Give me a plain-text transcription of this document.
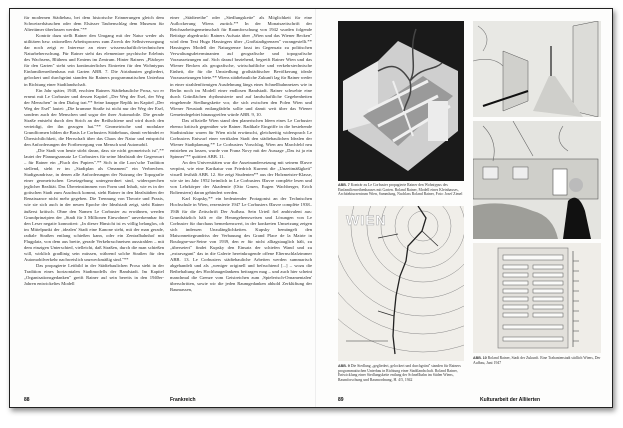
für modernen Städtebau, bei dem historische Erinnerungen gleich dem Schweizerhäuschen oder dem Elsässer Taubenschlag dem Museum für Altertümer überlassen werden."**

Konträr dazu stellt Rainer den Umgang mit der Natur weder als utilitären bzw. rationellen Arbeitsprozess zum Zweck der Selbstversorgung dar noch zeigt er Interesse an einer wissenschaftlich-technischen Naturbeherrschung. Für Rainer steht das elementare psychische Erlebnis des Wachsens, Blühens und Erntens im Zentrum. Hinter Rainers „Plädoyer für den Garten" steht sein kontinuierliches Eintreten für den Wohntypus Einfamilienreihenhaus mit Garten ABB. 7. Die Atriabauten gegliedert, gelockert und durchgrünt standen für Rainers programmatischen Unterbau in Richtung einer Stadtlandschaft.

Ein Jahr später, 1948, erschien Rainers Städtebauliche Prosa, wo er erneut mit Le Corbusier und dessen Kapitel „Der Weg der Esel, der Weg der Menschen" in den Dialog trat.** Seine knappe Replik im Kapitel „Der Weg der Esel" lautet: „Die krumme Straße ist nicht nur der Weg der Esel, sondern auch der Menschen und sogar der ihrer Automobile. Die gerade Straße entsteht durch den Strich an der Reißschiene und wird durch den verteidigt, der ihn gezogen hat."** Geometrische und modulare Grundformen bilden die Basis Le Corbusiers Städtebaus, damit verbindet er Übersichtlichkeit, die Herrschaft über das Chaos der Natur und entspricht den Anforderungen der Fortbewegung von Mensch und Automobil.

„Die Stadt von heute stirbt daran, dass sie nicht geometrisch ist",** lautet der Planungsansatz Le Corbusiers für seine Idealstadt der Gegenwart – für Rainer ein „Fluch des Papiers".** Sich in die Loos'sche Tradition stellend, sieht er im „Stadtplan als Ornament" ein Verbrechen. Stadtgrundrisse, in denen alle Anforderungen der Nutzung der Topografie einer geometrischen Gesetzgebung untergeordnet sind, widersprechen jeglicher Realität. Das Übereinstimmen von Form und Inhalt, wie es in der gotischen Stadt zum Ausdruck kommt, sieht Rainer in den Idealstädten der Renaissance nicht mehr gegeben. Die Trennung von Theorie und Praxis, wie sie sich auch in der neuen Epoche der Idealstadt zeigt, sieht Rainer äußerst kritisch. Ohne den Namen Le Corbusier zu erwähnen, werden Grundprinzipien der „Stadt für 3 Millionen Einwohner" unverkennbar für den Leser negativ konnotiert: „In dieser Hinsicht ist es völlig belanglos, ob im Mittelpunkt der ‚idealen' Stadt eine Kanone steht, mit der man gerade, radiale Straßen entlang schießen kann, oder ein Zentralbahnhof mit Flugplatz, von dem aus breite, gerade Verkehrsschneisen ausstrahlen – mit dem einzigen Unterschied, vielleicht, daß Straßen, durch die man schießen will, wirklich gradlinig sein müssen, während solche Straßen für den Automobilverkehr nachweislich unzweckmäßig sind."**

Das propagierte Leitbild in der Städtebaulichen Prosa steht in der Tradition eines horizontalen Stadtmodells der Bandstadt. Im Kapitel „Organisationsgedanken" greift Rainer auf sein bereits in den 1940er-Jahren entwickeltes Modell

einer „Städtereihe" oder „Siedlungskette" als Möglichkeit für eine Auflockerung Wiens zurück.** In der Monatszeitschrift der Reichsarbeitsgemeinschaft für Raumforschung von 1942 wurden folgende Beiträge abgedruckt: Rainers Aufsatz über „Wien und das Wiener Becken" wird dem Text Hugo Hassingers über „Großstadtgrenzen" vorangestellt.** Hassingers Modell der Naturgrenze fasst im Gegensatz zu politischen Verwaltungsdeterminanten auf geografische und topografische Voraussetzungen auf. Sich darauf beziehend, begreift Rainer Wien und das Wiener Becken als geografische, wirtschaftliche und verkehrstechnische Einheit, die für die Umsiedlung großstädtischer Bevölkerung ideale Voraussetzungen biete.** Wiens städtebauliche Zukunft lag für Rainer weder in einer strahlenförmigen Ausdehnung längs eines Schnellbahnnetzes wie in Berlin noch im Modell einer endlosen Bandstadt. Rainer schwebte eine durch Grünflächen rhythmisierte und auf landschaftliche Gegebenheiten eingehende Siedlungskette vor, die sich zwischen den Polen Wien und Wiener Neustadt entlangfädeln sollte und damit weit über das Wiener Gemeindegebiet hinausgreifen würde ABB. 9, 10.

Das offizielle Wien stand den planerischen Ideen eines Le Corbusier ebenso kritisch gegenüber wie Rainer. Radikale Eingriffe in die bestehende Stadtstruktur waren für Wien nicht erwünscht, gleichzeitig widersprach Le Corbusiers Entwurf einer vertikalen Stadt den städtebaulichen Idealen der Wiener Stadtplanung.** Le Corbusiers Vorschlag, Wien am Marchfeld neu entstehen zu lassen, wurde von Franz Novy mit der Aussage „Das ist ja ein Spinner"** quittiert ABB. 11.

An den Universitäten war die Auseinandersetzung mit seinem Œuvre verpönt, wie eine Karikatur von Friedrich Kurrent die „Unzeitmäßigkeit" visuell festhält ABB. 12. Sie zeigt Studenten** aus der Holzmeister-Klasse, wie sie im Jahr 1952 heimlich in Le Corbusiers Œuvre complète lesen und von Lehrkörper der Akademie (Otto Gruen, Eugen Wachberger, Erich Boltenstern) daran gehindert werden.

Karl Kupsky,** ein bedeutender Protagonist an der Technischen Hochschule in Wien, rezensierte 1947 Le Corbusiers Œuvre complète 1938–1946 für die Zeitschrift Der Aufbau. Sein Urteil fiel ambivalent aus: Grundsätzlich hält er die Herangehensweisen und Lösungen von Le Corbusier für durchaus bemerkenswert, in der konkreten Umsetzung zeigen sich indessen Unzulänglichkeiten. Kupsky bemängelt den Maisonnettegrundriss der Verbauung des Grand Place de la Mairie in Boulogne-sur-Seine von 1939, den er für nicht alltagstauglich hält, zu „überseiert" findet Kupsky den Einsatz der schiefen Wand und zu „extravagant" das in die Galerie hereinkragende offene Elternschlafzimmer ABB. 13. Le Corbusiers städtebauliche Arbeiten werden summarisch abgehandelt und als „weniger originell und befruchtend [...] – wozu die Beibehaltung des Hochbaugedankens beitragen mag – und auch hier scheint manchmal die Grenze vom Geistreichen zum ‚Spielerisch-Ornamentalen' überschritten, sowie wir die jeden Raumgedanken abhold Zerklüftung der Baumassen,

88	Frankreich
ABB. 7 Konträr zu Le Corbusier propagierte Rainer den Wohntypus des Einfamilienreihenhauses mit Garten. Roland Rainer, Modell eines Kleinhauses, Architekturzentrum Wien, Sammlung, Nachlass Roland Rainer, Foto: Josef Zimel
WIEN
ABB. 9 Die Siedlung „gegliedert, gelockert und durchgrünt" standen für Rainers programmatischen Unterbau in Richtung einer Stadtlandschaft. Roland Rainer, Entwicklung einer Siedlungskette entlang der Schnellbahn im Süden Wiens, Raumforschung und Raumordnung, H. 4/5, 1942
ABB. 10 Roland Rainer, Stadt der Zukunft. Eine Trabantenstadt südlich Wiens, Der Aufbau, Juni 1947
89	Kulturarbeit der Alliierten
